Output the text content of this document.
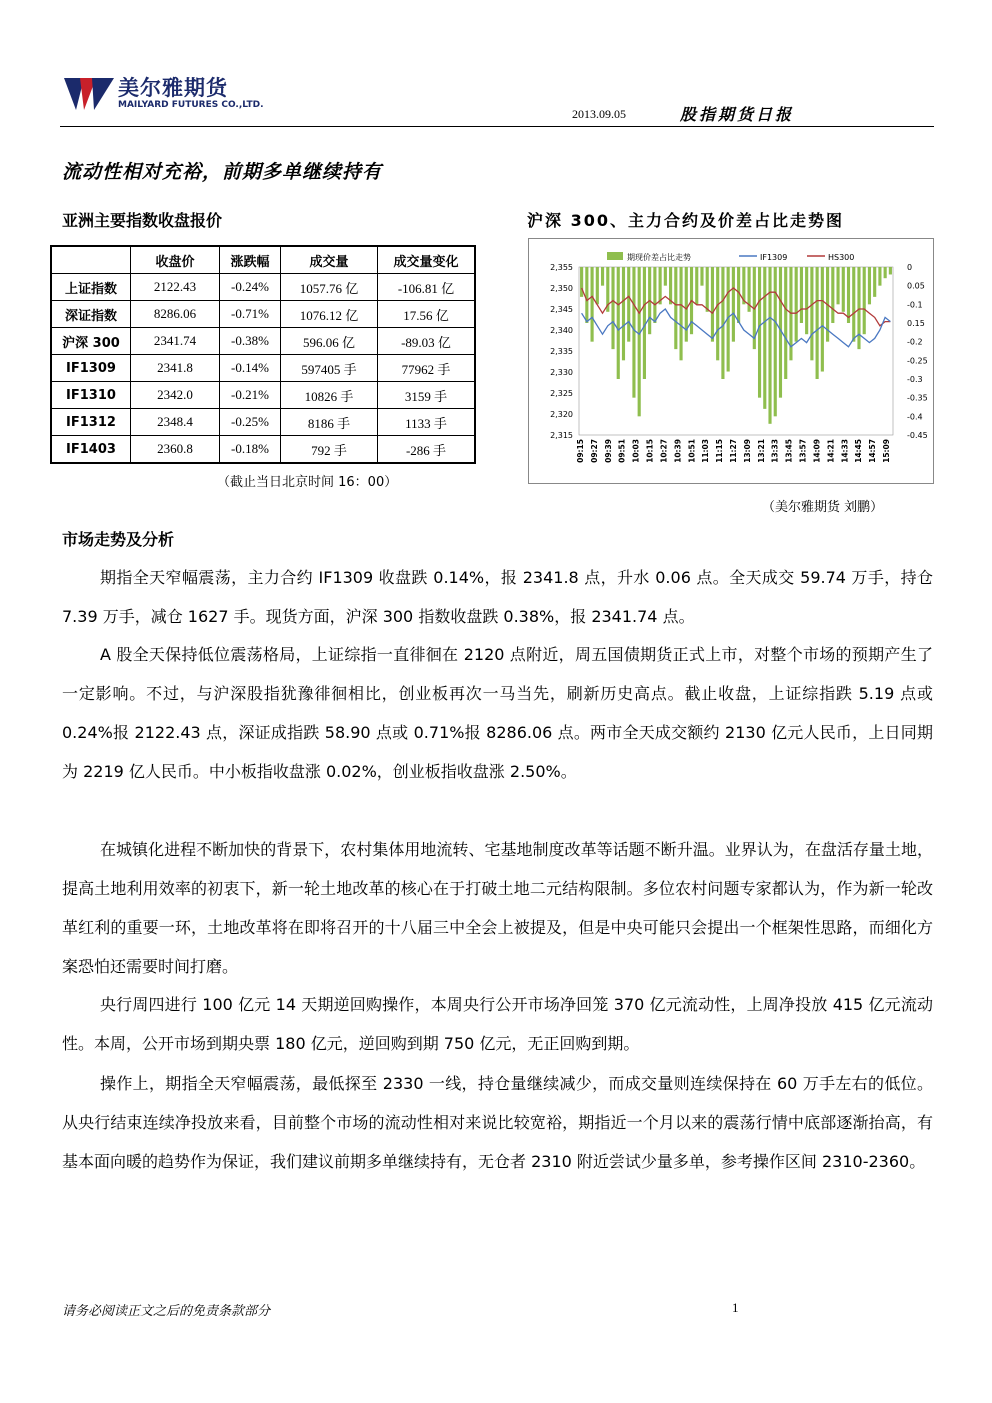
美尔雅期货
MAILYARD FUTURES CO.,LTD.
2013.09.05	股指期货日报
流动性相对充裕，前期多单继续持有
亚洲主要指数收盘报价	沪深 300、主力合约及价差占比走势图
	收盘价	涨跌幅	成交量	成交量变化
上证指数	2122.43	-0.24%	1057.76 亿	-106.81 亿
深证指数	8286.06	-0.71%	1076.12 亿	17.56 亿
沪深 300	2341.74	-0.38%	596.06 亿	-89.03 亿
IF1309	2341.8	-0.14%	597405 手	77962 手
IF1310	2342.0	-0.21%	10826 手	3159 手
IF1312	2348.4	-0.25%	8186 手	1133 手
IF1403	2360.8	-0.18%	792 手	-286 手
（截止当日北京时间 16：00）
期现价差占比走势	IF1309	HS300
2,355
2,350
2,345
2,340
2,335
2,330
2,325
2,320
2,315
0
0.05
-0.1
0.15
-0.2
-0.25
-0.3
-0.35
-0.4
-0.45
09:15 09:27 09:39 09:51 10:03 10:15 10:27 10:39 10:51 11:03 11:15 11:27 13:09 13:21 13:33 13:45 13:57 14:09 14:21 14:33 14:45 14:57 15:09
（美尔雅期货 刘鹏）
市场走势及分析

期指全天窄幅震荡，主力合约 IF1309 收盘跌 0.14%，报 2341.8 点，升水 0.06 点。全天成交 59.74 万手，持仓 7.39 万手，减仓 1627 手。现货方面，沪深 300 指数收盘跌 0.38%，报 2341.74 点。

A 股全天保持低位震荡格局，上证综指一直徘徊在 2120 点附近，周五国债期货正式上市，对整个市场的预期产生了一定影响。不过，与沪深股指犹豫徘徊相比，创业板再次一马当先，刷新历史高点。截止收盘，上证综指跌 5.19 点或 0.24%报 2122.43 点，深证成指跌 58.90 点或 0.71%报 8286.06 点。两市全天成交额约 2130 亿元人民币，上日同期为 2219 亿人民币。中小板指收盘涨 0.02%，创业板指收盘涨 2.50%。

在城镇化进程不断加快的背景下，农村集体用地流转、宅基地制度改革等话题不断升温。业界认为，在盘活存量土地，提高土地利用效率的初衷下，新一轮土地改革的核心在于打破土地二元结构限制。多位农村问题专家都认为，作为新一轮改革红利的重要一环，土地改革将在即将召开的十八届三中全会上被提及，但是中央可能只会提出一个框架性思路，而细化方案恐怕还需要时间打磨。

央行周四进行 100 亿元 14 天期逆回购操作，本周央行公开市场净回笼 370 亿元流动性，上周净投放 415 亿元流动性。本周，公开市场到期央票 180 亿元，逆回购到期 750 亿元，无正回购到期。

操作上，期指全天窄幅震荡，最低探至 2330 一线，持仓量继续减少，而成交量则连续保持在 60 万手左右的低位。从央行结束连续净投放来看，目前整个市场的流动性相对来说比较宽裕，期指近一个月以来的震荡行情中底部逐渐抬高，有基本面向暖的趋势作为保证，我们建议前期多单继续持有，无仓者 2310 附近尝试少量多单，参考操作区间 2310-2360。

请务必阅读正文之后的免责条款部分	1
